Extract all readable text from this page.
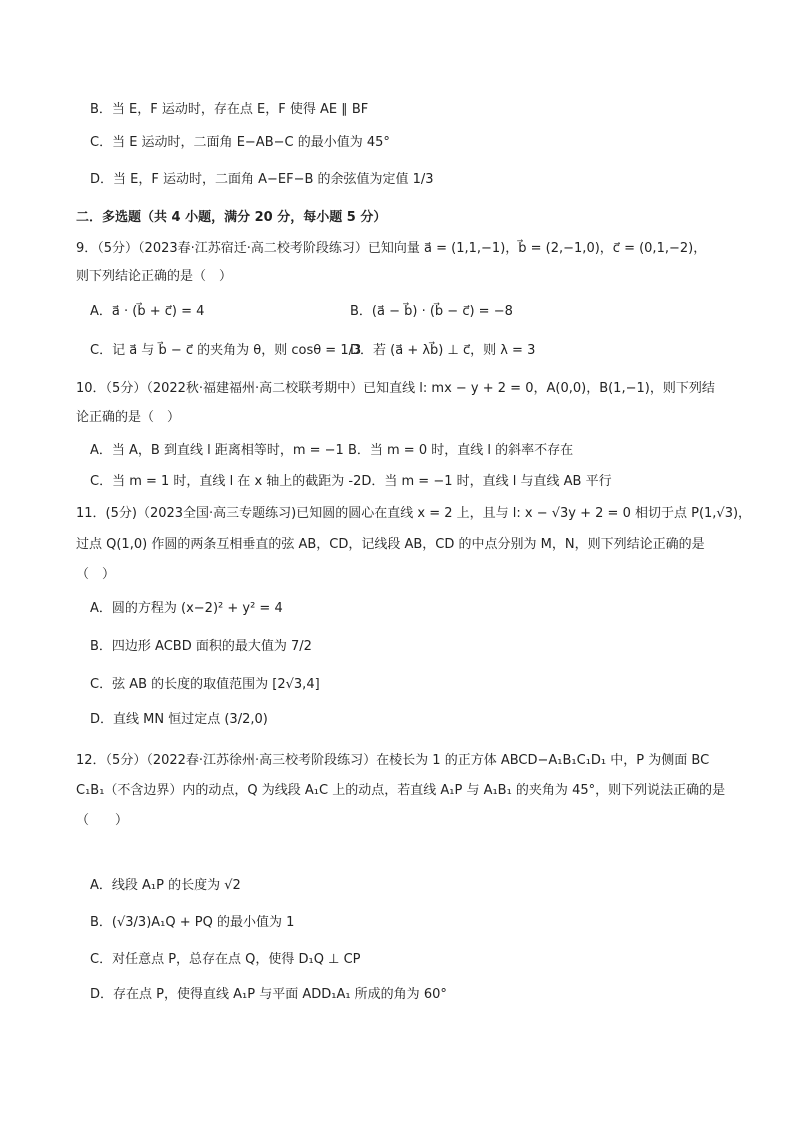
B．当 E，F 运动时，存在点 E，F 使得 AE ∥ BF
C．当 E 运动时，二面角 E−AB−C 的最小值为 45°
D．当 E，F 运动时，二面角 A−EF−B 的余弦值为定值 1/3
二．多选题（共 4 小题，满分 20 分，每小题 5 分）
9．（5分）（2023春·江苏宿迁·高二校考阶段练习）已知向量 a⃗ = (1,1,−1)，b⃗ = (2,−1,0)，c⃗ = (0,1,−2)，
则下列结论正确的是（　）
A．a⃗ · (b⃗ + c⃗) = 4	B．(a⃗ − b⃗) · (b⃗ − c⃗) = −8
C．记 a⃗ 与 b⃗ − c⃗ 的夹角为 θ，则 cosθ = 1/3
D．若 (a⃗ + λb⃗) ⊥ c⃗，则 λ = 3
10．（5分）（2022秋·福建福州·高二校联考期中）已知直线 l: mx − y + 2 = 0，A(0,0)，B(1,−1)，则下列结
论正确的是（　）
A．当 A，B 到直线 l 距离相等时，m = −1 B．当 m = 0 时，直线 l 的斜率不存在
C．当 m = 1 时，直线 l 在 x 轴上的截距为 -2D．当 m = −1 时，直线 l 与直线 AB 平行
11．(5分)（2023全国·高三专题练习)已知圆的圆心在直线 x = 2 上，且与 l: x − √3y + 2 = 0 相切于点 P(1,√3)，
过点 Q(1,0) 作圆的两条互相垂直的弦 AB，CD，记线段 AB，CD 的中点分别为 M，N，则下列结论正确的是
（　）
A．圆的方程为 (x−2)² + y² = 4
B．四边形 ACBD 面积的最大值为 7/2
C．弦 AB 的长度的取值范围为 [2√3,4]
D．直线 MN 恒过定点 (3/2,0)
12．（5分）（2022春·江苏徐州·高三校考阶段练习）在棱长为 1 的正方体 ABCD−A₁B₁C₁D₁ 中，P 为侧面 BC
C₁B₁（不含边界）内的动点，Q 为线段 A₁C 上的动点，若直线 A₁P 与 A₁B₁ 的夹角为 45°，则下列说法正确的是
（　　）
A．线段 A₁P 的长度为 √2
B．(√3/3)A₁Q + PQ 的最小值为 1
C．对任意点 P，总存在点 Q，使得 D₁Q ⊥ CP
D．存在点 P，使得直线 A₁P 与平面 ADD₁A₁ 所成的角为 60°
